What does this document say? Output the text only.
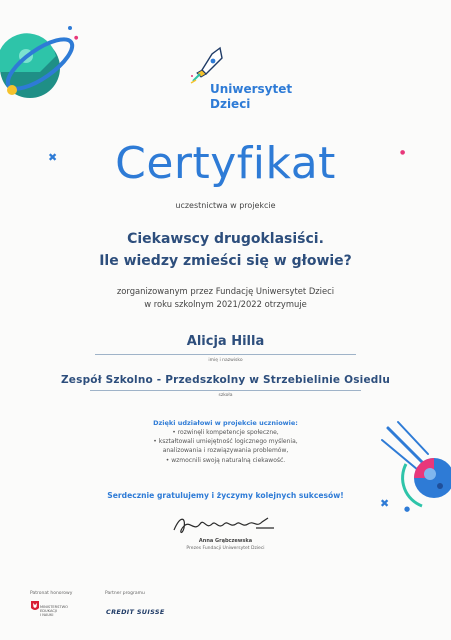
Uniwersytet
Dzieci
✖	●
✖ ●
●
Certyfikat
uczestnictwa w projekcie
Ciekawscy drugoklasiści.
Ile wiedzy zmieści się w głowie?
zorganizowanym przez Fundację Uniwersytet Dzieci
w roku szkolnym 2021/2022 otrzymuje
Alicja Hilla
imię i nazwisko
Zespół Szkolno - Przedszkolny w Strzebielinie Osiedlu
szkoła
Dzięki udziałowi w projekcie uczniowie:
• rozwinęli kompetencje społeczne,
• kształtowali umiejętność logicznego myślenia,
analizowania i rozwiązywania problemów,
• wzmocnili swoją naturalną ciekawość.
Serdecznie gratulujemy i życzymy kolejnych sukcesów!
Anna Grąbczewska
Prezes Fundacji Uniwersytet Dzieci
Patronat honorowy	Partner programu
MINISTERSTWO
EDUKACJI
I NAUKI	CREDIT SUISSE
